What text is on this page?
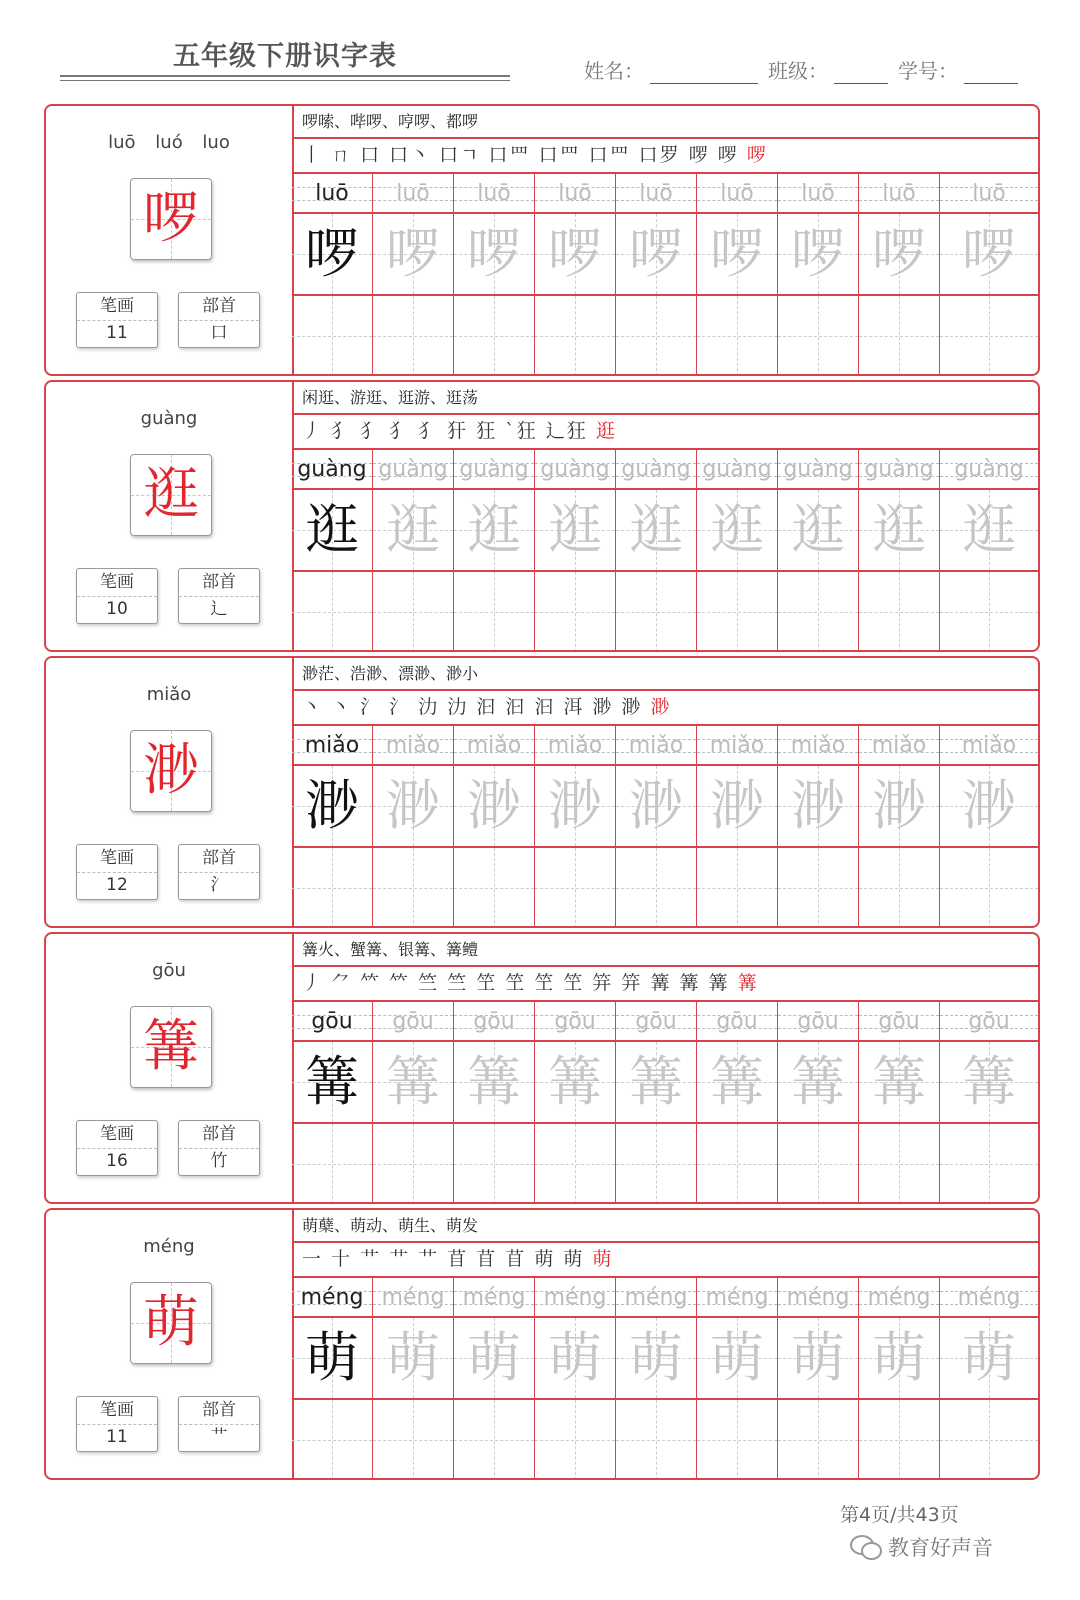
五年级下册识字表	姓名：	班级：	学号：
luō luó luo
啰
笔画
11
部首
口
啰嗦、哔啰、哼啰、都啰
丨 ㄇ 口 口丶 口ㄱ 口罒 口罒 口罒 口罗 啰 啰 啰
luō	luō	luō	luō	luō	luō	luō	luō	luō
啰 啰 啰 啰 啰 啰 啰 啰 啰
guàng
逛
笔画
10
部首
辶
闲逛、游逛、逛游、逛荡
丿 犭 犭 犭 犭 犴 狂 ˋ狂 辶狂 逛
guàng guàng guàng guàng guàng guàng guàng guàng guàng
逛 逛 逛 逛 逛 逛 逛 逛 逛
miǎo
渺
笔画
12
部首
氵
渺茫、浩渺、漂渺、渺小
丶 丶 氵 氵 氻 氻 汩 汩 汩 洱 渺 渺 渺
miǎo	miǎo	miǎo	miǎo	miǎo	miǎo	miǎo	miǎo	miǎo
渺 渺 渺 渺 渺 渺 渺 渺 渺
gōu
篝
笔画
16
部首
竹
篝火、蟹篝、银篝、篝鳢
丿 ⺈ 𥫗 𥫗 竺 竺 笁 笁 笁 笁 笄 笄 篝 篝 篝 篝
gōu	gōu	gōu	gōu	gōu	gōu	gōu	gōu	gōu
篝 篝 篝 篝 篝 篝 篝 篝 篝
méng
萌
笔画
11
部首
艹
萌蘖、萌动、萌生、萌发
一 十 艹 艹 艹 苜 苜 苜 萌 萌 萌
méng méng méng méng méng méng méng méng	méng
萌 萌 萌 萌 萌 萌 萌 萌 萌
第4页/共43页
教育好声音
